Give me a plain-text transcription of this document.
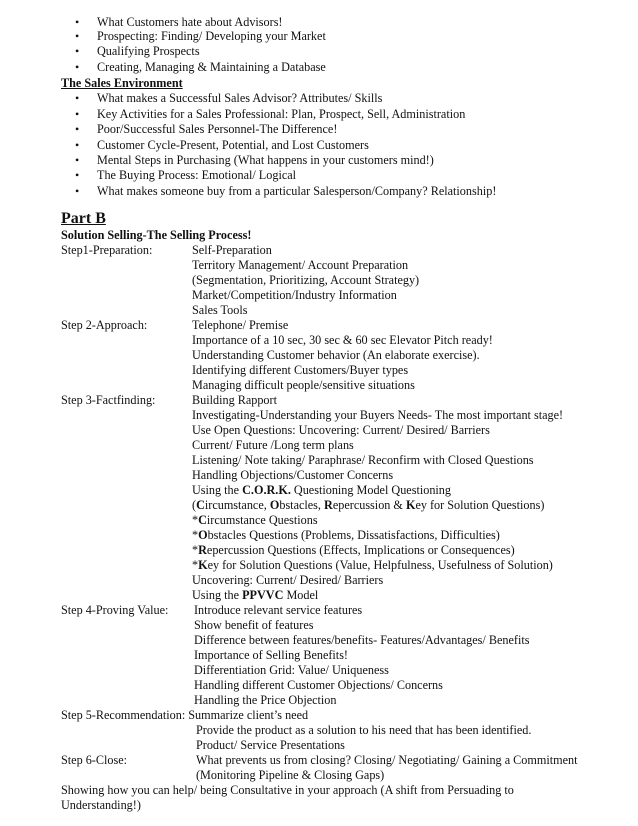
• What Customers hate about Advisors!
• Prospecting: Finding/ Developing your Market
• Qualifying Prospects
• Creating, Managing & Maintaining a Database
The Sales Environment
• What makes a Successful Sales Advisor? Attributes/ Skills
• Key Activities for a Sales Professional: Plan, Prospect, Sell, Administration
• Poor/Successful Sales Personnel-The Difference!
• Customer Cycle-Present, Potential, and Lost Customers
• Mental Steps in Purchasing (What happens in your customers mind!)
• The Buying Process: Emotional/ Logical
• What makes someone buy from a particular Salesperson/Company? Relationship!
Part B
Solution Selling-The Selling Process!
Step1-Preparation:	Self-Preparation
Territory Management/ Account Preparation
(Segmentation, Prioritizing, Account Strategy)
Market/Competition/Industry Information
Sales Tools
Step 2-Approach:	Telephone/ Premise
Importance of a 10 sec, 30 sec & 60 sec Elevator Pitch ready!
Understanding Customer behavior (An elaborate exercise).
Identifying different Customers/Buyer types
Managing difficult people/sensitive situations
Step 3-Factfinding:	Building Rapport
Investigating-Understanding your Buyers Needs- The most important stage!
Use Open Questions: Uncovering: Current/ Desired/ Barriers
Current/ Future /Long term plans
Listening/ Note taking/ Paraphrase/ Reconfirm with Closed Questions
Handling Objections/Customer Concerns
Using the C.O.R.K. Questioning Model Questioning
(Circumstance, Obstacles, Repercussion & Key for Solution Questions)
*Circumstance Questions
*Obstacles Questions (Problems, Dissatisfactions, Difficulties)
*Repercussion Questions (Effects, Implications or Consequences)
*Key for Solution Questions (Value, Helpfulness, Usefulness of Solution)
Uncovering: Current/ Desired/ Barriers
Using the PPVVC Model
Step 4-Proving Value: Introduce relevant service features
Show benefit of features
Difference between features/benefits- Features/Advantages/ Benefits
Importance of Selling Benefits!
Differentiation Grid: Value/ Uniqueness
Handling different Customer Objections/ Concerns
Handling the Price Objection
Step 5-Recommendation: Summarize client’s need
Provide the product as a solution to his need that has been identified.
Product/ Service Presentations
Step 6-Close:	What prevents us from closing? Closing/ Negotiating/ Gaining a Commitment
(Monitoring Pipeline & Closing Gaps)
Showing how you can help/ being Consultative in your approach (A shift from Persuading to
Understanding!)
